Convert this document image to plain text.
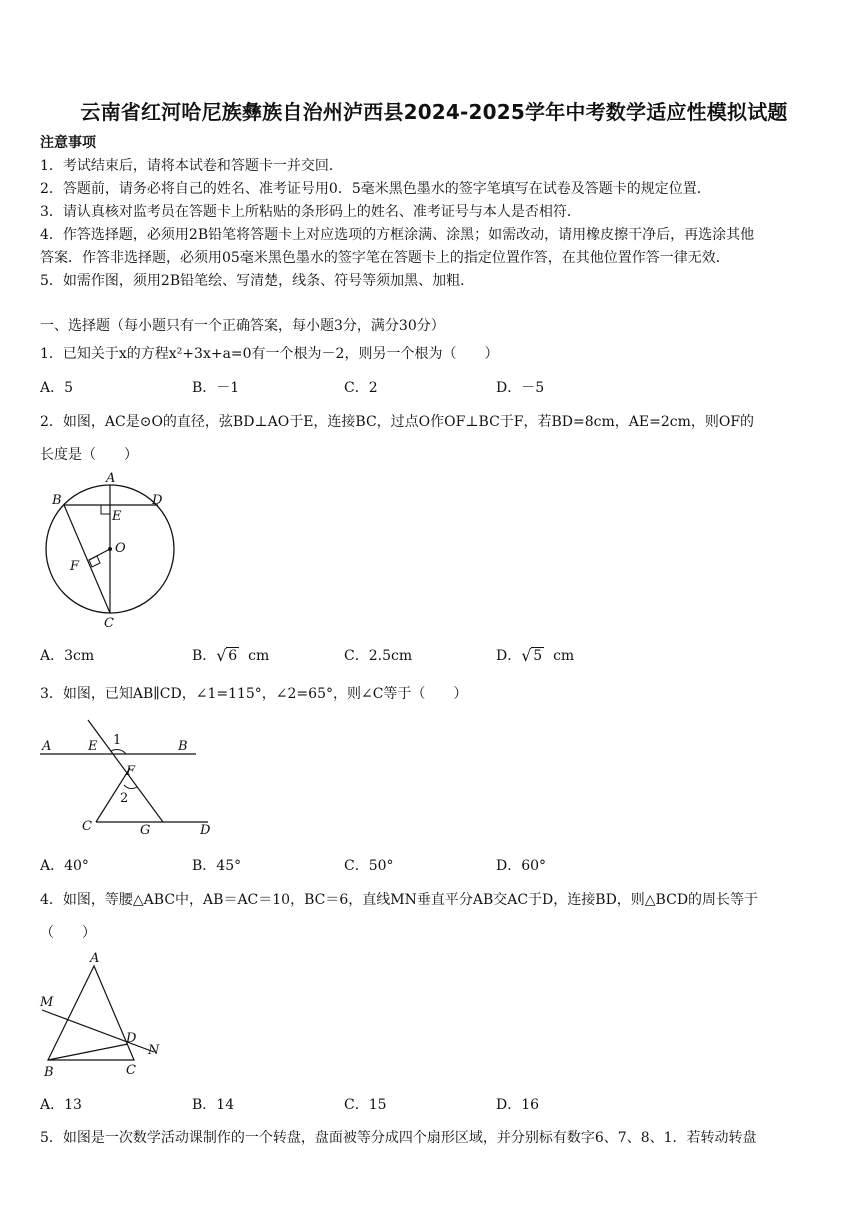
云南省红河哈尼族彝族自治州泸西县2024-2025学年中考数学适应性模拟试题
注意事项
1．考试结束后，请将本试卷和答题卡一并交回．
2．答题前，请务必将自己的姓名、准考证号用0．5毫米黑色墨水的签字笔填写在试卷及答题卡的规定位置．
3．请认真核对监考员在答题卡上所粘贴的条形码上的姓名、准考证号与本人是否相符．
4．作答选择题，必须用2B铅笔将答题卡上对应选项的方框涂满、涂黑；如需改动，请用橡皮擦干净后，再选涂其他
答案．作答非选择题，必须用05毫米黑色墨水的签字笔在答题卡上的指定位置作答，在其他位置作答一律无效．
5．如需作图，须用2B铅笔绘、写清楚，线条、符号等须加黑、加粗．
一、选择题（每小题只有一个正确答案，每小题3分，满分30分）
1．已知关于x的方程x²+3x+a=0有一个根为－2，则另一个根为（　　）
A．5	B．－1	C．2	D．－5
2．如图，AC是⊙O的直径，弦BD⊥AO于E，连接BC，过点O作OF⊥BC于F，若BD=8cm，AE=2cm，则OF的
长度是（　　）
A
B	D
E
O
F
C
A．3cm	B． √ 6 cm	C．2.5cm	D． √ 5 cm
3．如图，已知AB∥CD，∠1=115°，∠2=65°，则∠C等于（　　）
A	E 1	B
F
2
C	G	D
A．40°	B．45°	C．50°	D．60°
4．如图，等腰△ABC中，AB＝AC＝10，BC＝6，直线MN垂直平分AB交AC于D，连接BD，则△BCD的周长等于
（　　）
A
M
D
N
B	C
A．13	B．14	C．15	D．16
5．如图是一次数学活动课制作的一个转盘，盘面被等分成四个扇形区域，并分别标有数字6、7、8、1．若转动转盘
